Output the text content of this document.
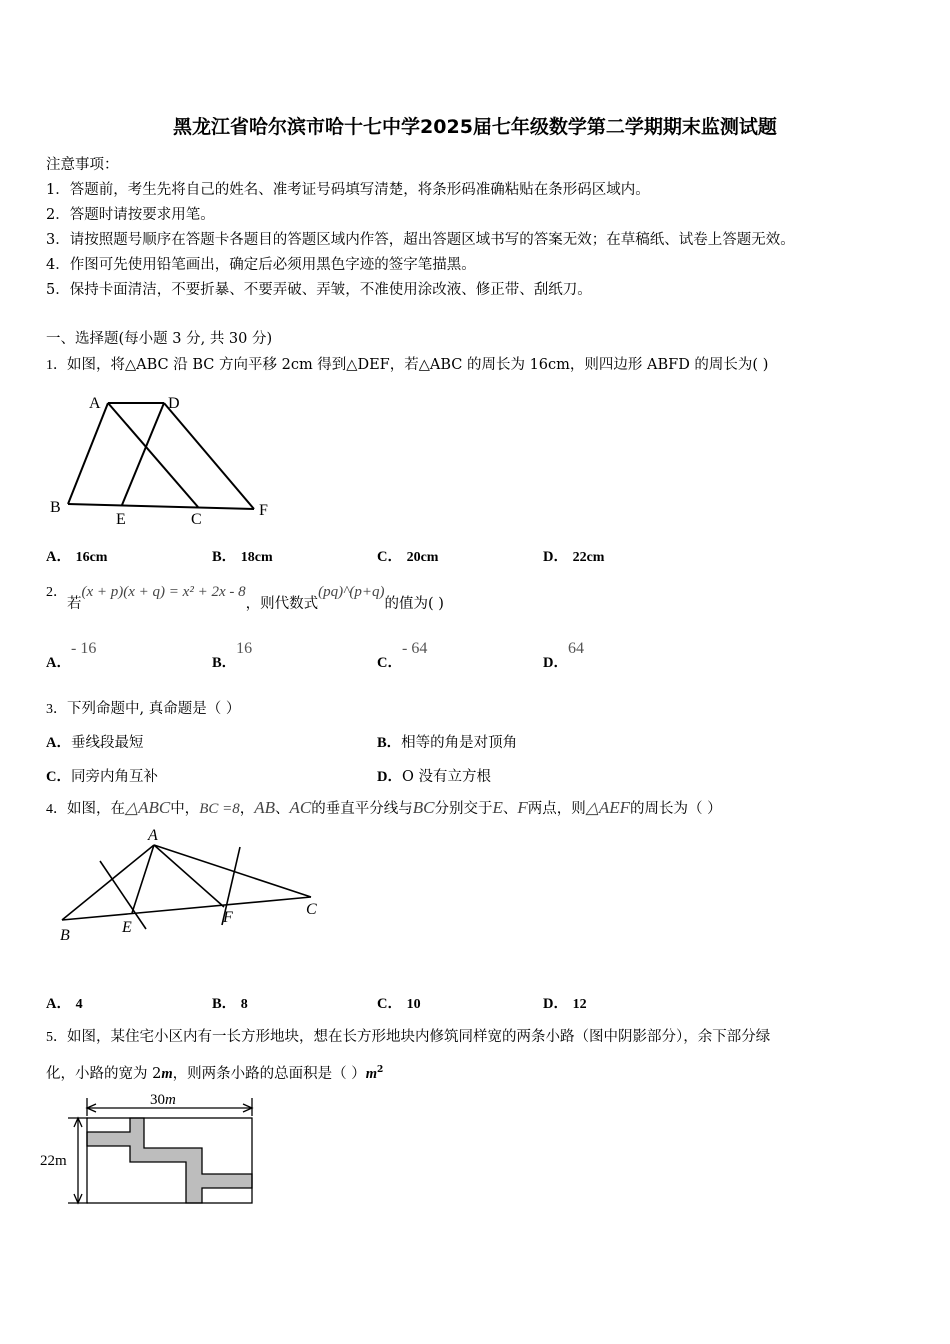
黑龙江省哈尔滨市哈十七中学2025届七年级数学第二学期期末监测试题
注意事项：
1．答题前，考生先将自己的姓名、准考证号码填写清楚，将条形码准确粘贴在条形码区域内。
2．答题时请按要求用笔。
3．请按照题号顺序在答题卡各题目的答题区域内作答，超出答题区域书写的答案无效；在草稿纸、试卷上答题无效。
4．作图可先使用铅笔画出，确定后必须用黑色字迹的签字笔描黑。
5．保持卡面清洁，不要折暴、不要弄破、弄皱，不准使用涂改液、修正带、刮纸刀。
一、选择题(每小题 3 分, 共 30 分)
1．如图，将△ABC 沿 BC 方向平移 2cm 得到△DEF，若△ABC 的周长为 16cm，则四边形 ABFD 的周长为( )
A	D
B
E	C
F
A． 16cm	B． 18cm	C． 20cm	D． 22cm
2．若(x + p)(x + q) = x² + 2x - 8，则代数式(pq)^(p+q)的值为( )
A．- 16
B．16
C．- 64
D．64
3．下列命题中, 真命题是（ ）
A．垂线段最短	B．相等的角是对顶角
C．同旁内角互补	D．O 没有立方根
4．如图，在△ABC中，BC =8，AB、AC的垂直平分线与BC分别交于E、F两点，则△AEF的周长为（ ）
A
B	E
F	C
A． 4	B． 8	C． 10	D． 12
5．如图，某住宅小区内有一长方形地块，想在长方形地块内修筑同样宽的两条小路（图中阴影部分），余下部分绿
化，小路的宽为 2m，则两条小路的总面积是（ ）$m^2$
30m
22m
